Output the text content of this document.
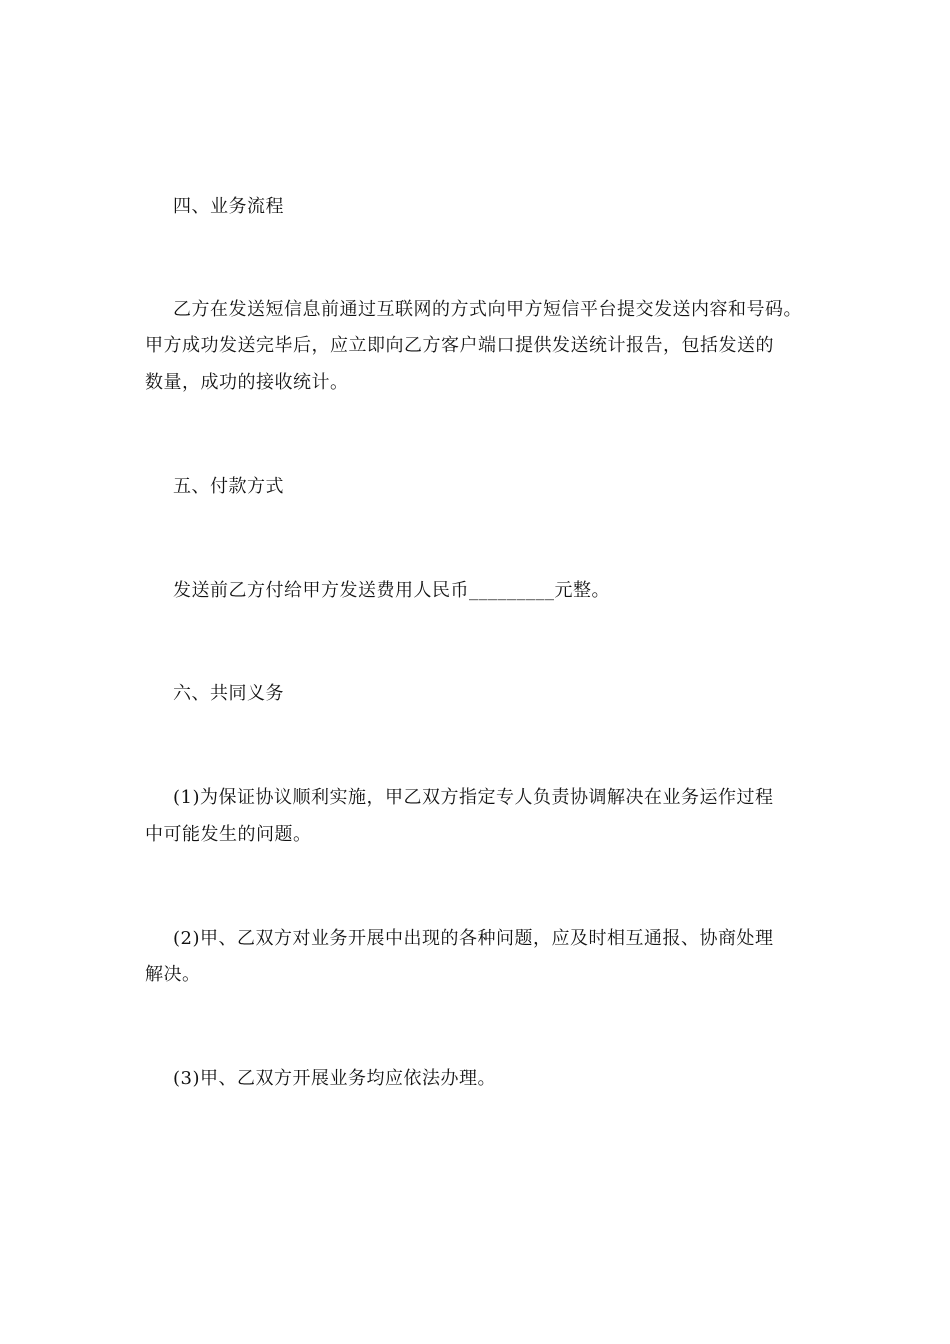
四、业务流程
乙方在发送短信息前通过互联网的方式向甲方短信平台提交发送内容和号码。
甲方成功发送完毕后，应立即向乙方客户端口提供发送统计报告，包括发送的
数量，成功的接收统计。
五、付款方式
发送前乙方付给甲方发送费用人民币_________元整。
六、共同义务
(1)为保证协议顺利实施，甲乙双方指定专人负责协调解决在业务运作过程
中可能发生的问题。
(2)甲、乙双方对业务开展中出现的各种问题，应及时相互通报、协商处理
解决。
(3)甲、乙双方开展业务均应依法办理。
